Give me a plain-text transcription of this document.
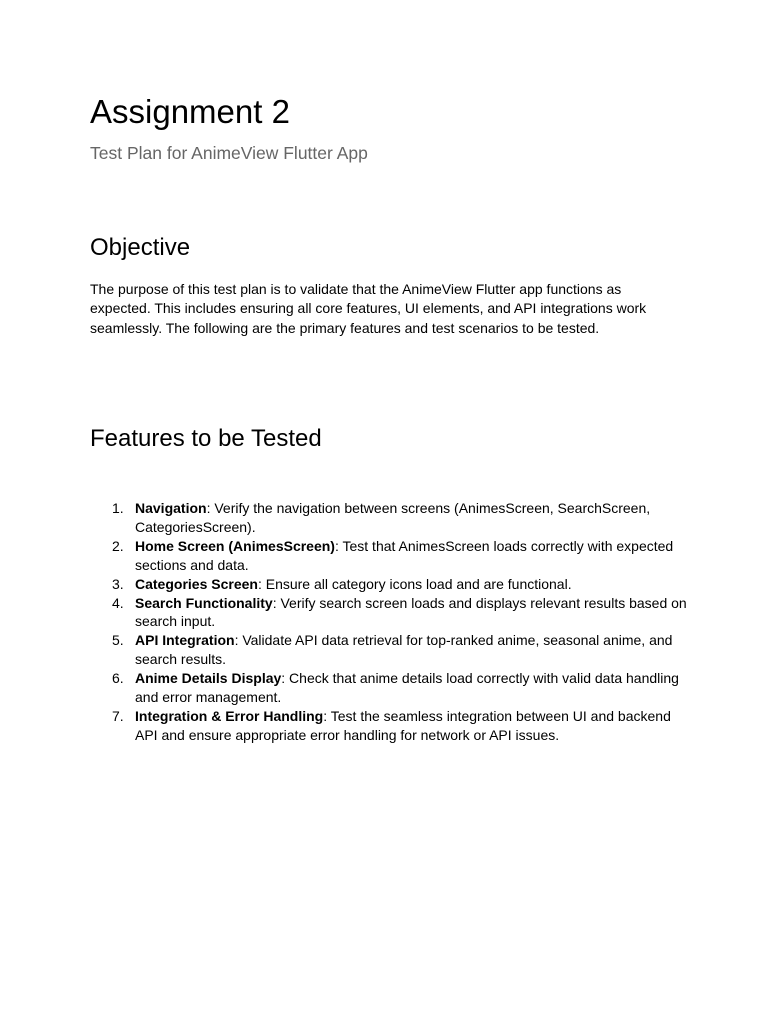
Assignment 2

Test Plan for AnimeView Flutter App

Objective

The purpose of this test plan is to validate that the AnimeView Flutter app functions as expected. This includes ensuring all core features, UI elements, and API integrations work seamlessly. The following are the primary features and test scenarios to be tested.

Features to be Tested
1. Navigation: Verify the navigation between screens (AnimesScreen, SearchScreen, CategoriesScreen).
2. Home Screen (AnimesScreen): Test that AnimesScreen loads correctly with expected sections and data.
3. Categories Screen: Ensure all category icons load and are functional.
4. Search Functionality: Verify search screen loads and displays relevant results based on search input.
5. API Integration: Validate API data retrieval for top-ranked anime, seasonal anime, and search results.
6. Anime Details Display: Check that anime details load correctly with valid data handling and error management.
7. Integration & Error Handling: Test the seamless integration between UI and backend API and ensure appropriate error handling for network or API issues.
